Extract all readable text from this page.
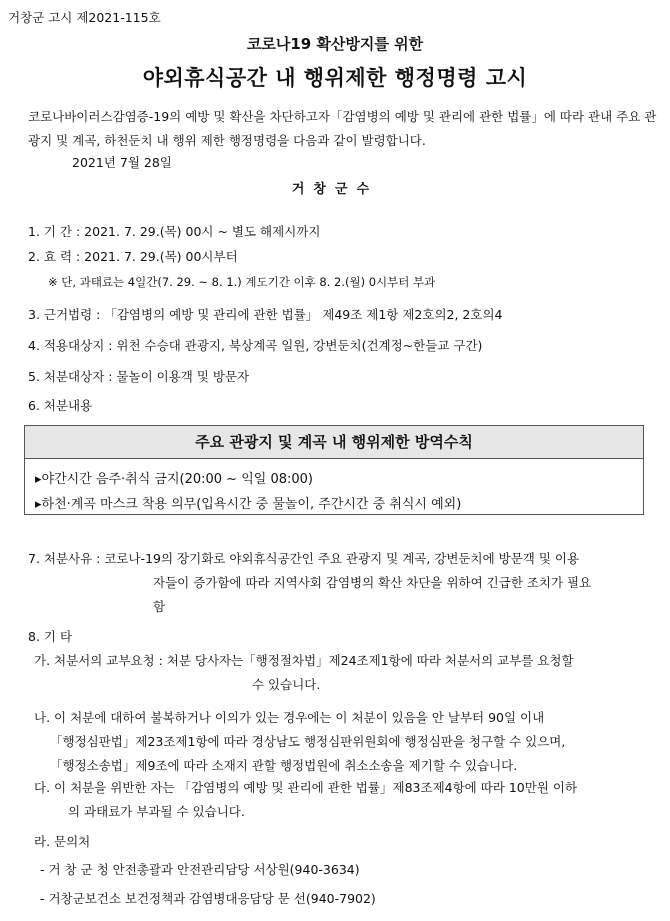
거창군 고시 제2021-115호
코로나19 확산방지를 위한
야외휴식공간 내 행위제한 행정명령 고시
코로나바이러스감염증-19의 예방 및 확산을 차단하고자「감염병의 예방 및 관리에 관한 법률」에 따라 관내 주요 관광지 및 계곡, 하천둔치 내 행위 제한 행정명령을 다음과 같이 발령합니다.
2021년 7월 28일
거창군수
1. 기 간 : 2021. 7. 29.(목) 00시 ~ 별도 해제시까지
2. 효 력 : 2021. 7. 29.(목) 00시부터
※ 단, 과태료는 4일간(7. 29. ~ 8. 1.) 계도기간 이후 8. 2.(월) 0시부터 부과
3. 근거법령 : 「감염병의 예방 및 관리에 관한 법률」 제49조 제1항 제2호의2, 2호의4
4. 적용대상지 : 위천 수승대 관광지, 북상계곡 일원, 강변둔치(건계정~한들교 구간)
5. 처분대상자 : 물놀이 이용객 및 방문자
6. 처분내용
주요 관광지 및 계곡 내 행위제한 방역수칙
▸야간시간 음주·취식 금지(20:00 ~ 익일 08:00)
▸하천·계곡 마스크 착용 의무(입욕시간 중 물놀이, 주간시간 중 취식시 예외)
7. 처분사유 : 코로나-19의 장기화로 야외휴식공간인 주요 관광지 및 계곡, 강변둔치에 방문객 및 이용
자들이 증가함에 따라 지역사회 감염병의 확산 차단을 위하여 긴급한 조치가 필요
함
8. 기 타
가. 처분서의 교부요청 : 처분 당사자는「행정절차법」제24조제1항에 따라 처분서의 교부를 요청할
수 있습니다.
나. 이 처분에 대하여 불복하거나 이의가 있는 경우에는 이 처분이 있음을 안 날부터 90일 이내
「행정심판법」제23조제1항에 따라 경상남도 행정심판위원회에 행정심판을 청구할 수 있으며,
「행정소송법」제9조에 따라 소재지 관할 행정법원에 취소소송을 제기할 수 있습니다.
다. 이 처분을 위반한 자는 「감염병의 예방 및 관리에 관한 법률」제83조제4항에 따라 10만원 이하
의 과태료가 부과될 수 있습니다.
라. 문의처
- 거 창 군 청 안전총괄과 안전관리담당 서상원(940-3634)
- 거창군보건소 보건정책과 감염병대응담당 문 선(940-7902)
